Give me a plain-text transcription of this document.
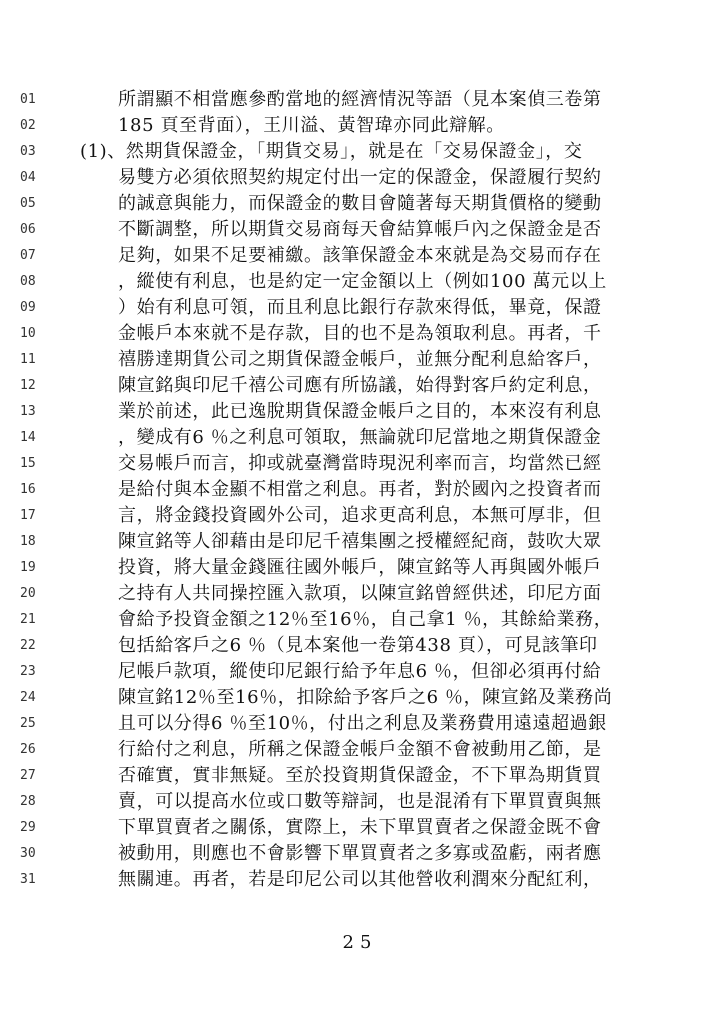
01	所謂顯不相當應參酌當地的經濟情況等語（見本案偵三卷第
02	185 頁至背面），王川溢、黃智瑋亦同此辯解。
03	(1)、然期貨保證金，「期貨交易」，就是在「交易保證金」，交
04	易雙方必須依照契約規定付出一定的保證金，保證履行契約
05	的誠意與能力，而保證金的數目會隨著每天期貨價格的變動
06	不斷調整，所以期貨交易商每天會結算帳戶內之保證金是否
07	足夠，如果不足要補繳。該筆保證金本來就是為交易而存在
08	，縱使有利息，也是約定一定金額以上（例如100 萬元以上
09	）始有利息可領，而且利息比銀行存款來得低，畢竟，保證
10	金帳戶本來就不是存款，目的也不是為領取利息。再者，千
11	禧勝達期貨公司之期貨保證金帳戶，並無分配利息給客戶，
12	陳宣銘與印尼千禧公司應有所協議，始得對客戶約定利息，
13	業於前述，此已逸脫期貨保證金帳戶之目的，本來沒有利息
14	，變成有6 ％之利息可領取，無論就印尼當地之期貨保證金
15	交易帳戶而言，抑或就臺灣當時現況利率而言，均當然已經
16	是給付與本金顯不相當之利息。再者，對於國內之投資者而
17	言，將金錢投資國外公司，追求更高利息，本無可厚非，但
18	陳宣銘等人卻藉由是印尼千禧集團之授權經紀商，鼓吹大眾
19	投資，將大量金錢匯往國外帳戶，陳宣銘等人再與國外帳戶
20	之持有人共同操控匯入款項，以陳宣銘曾經供述，印尼方面
21	會給予投資金額之12％至16％，自己拿1 ％，其餘給業務，
22	包括給客戶之6 ％（見本案他一卷第438 頁），可見該筆印
23	尼帳戶款項，縱使印尼銀行給予年息6 ％，但卻必須再付給
24	陳宣銘12％至16％，扣除給予客戶之6 ％，陳宣銘及業務尚
25	且可以分得6 ％至10％，付出之利息及業務費用遠遠超過銀
26	行給付之利息，所稱之保證金帳戶金額不會被動用乙節，是
27	否確實，實非無疑。至於投資期貨保證金，不下單為期貨買
28	賣，可以提高水位或口數等辯詞，也是混淆有下單買賣與無
29	下單買賣者之關係，實際上，未下單買賣者之保證金既不會
30	被動用，則應也不會影響下單買賣者之多寡或盈虧，兩者應
31	無關連。再者，若是印尼公司以其他營收利潤來分配紅利，
25
